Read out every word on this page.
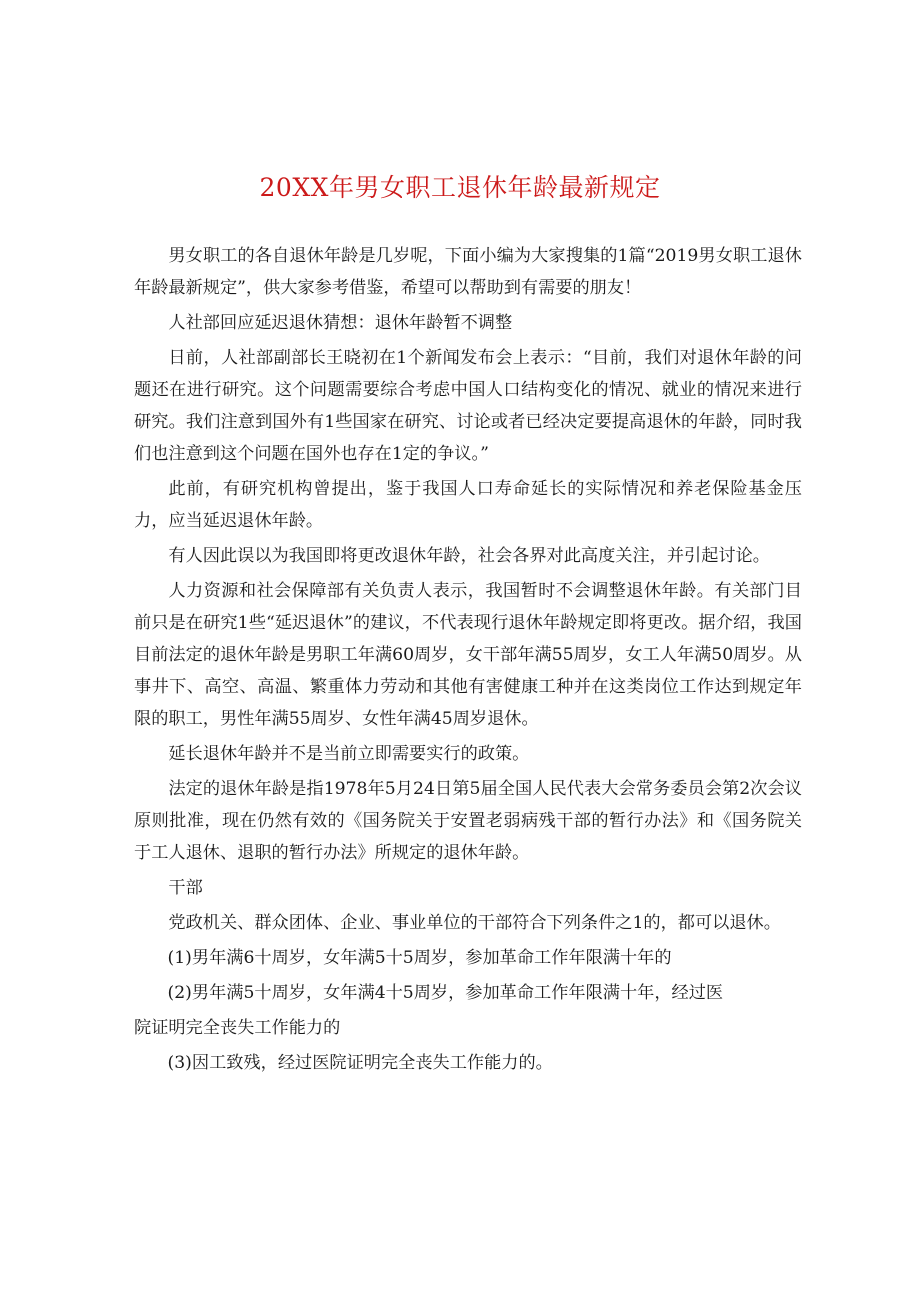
20XX年男女职工退休年龄最新规定

男女职工的各自退休年龄是几岁呢，下面小编为大家搜集的1篇“2019男女职工退休年龄最新规定”，供大家参考借鉴，希望可以帮助到有需要的朋友！

人社部回应延迟退休猜想：退休年龄暂不调整

日前，人社部副部长王晓初在1个新闻发布会上表示：“目前，我们对退休年龄的问题还在进行研究。这个问题需要综合考虑中国人口结构变化的情况、就业的情况来进行研究。我们注意到国外有1些国家在研究、讨论或者已经决定要提高退休的年龄，同时我们也注意到这个问题在国外也存在1定的争议。”

此前，有研究机构曾提出，鉴于我国人口寿命延长的实际情况和养老保险基金压力，应当延迟退休年龄。

有人因此误以为我国即将更改退休年龄，社会各界对此高度关注，并引起讨论。

人力资源和社会保障部有关负责人表示，我国暂时不会调整退休年龄。有关部门目前只是在研究1些“延迟退休”的建议，不代表现行退休年龄规定即将更改。据介绍，我国目前法定的退休年龄是男职工年满60周岁，女干部年满55周岁，女工人年满50周岁。从事井下、高空、高温、繁重体力劳动和其他有害健康工种并在这类岗位工作达到规定年限的职工，男性年满55周岁、女性年满45周岁退休。

延长退休年龄并不是当前立即需要实行的政策。

法定的退休年龄是指1978年5月24日第5届全国人民代表大会常务委员会第2次会议原则批准，现在仍然有效的《国务院关于安置老弱病残干部的暂行办法》和《国务院关于工人退休、退职的暂行办法》所规定的退休年龄。

干部

党政机关、群众团体、企业、事业单位的干部符合下列条件之1的，都可以退休。

(1)男年满6十周岁，女年满5十5周岁，参加革命工作年限满十年的

(2)男年满5十周岁，女年满4十5周岁，参加革命工作年限满十年，经过医

院证明完全丧失工作能力的

(3)因工致残，经过医院证明完全丧失工作能力的。
